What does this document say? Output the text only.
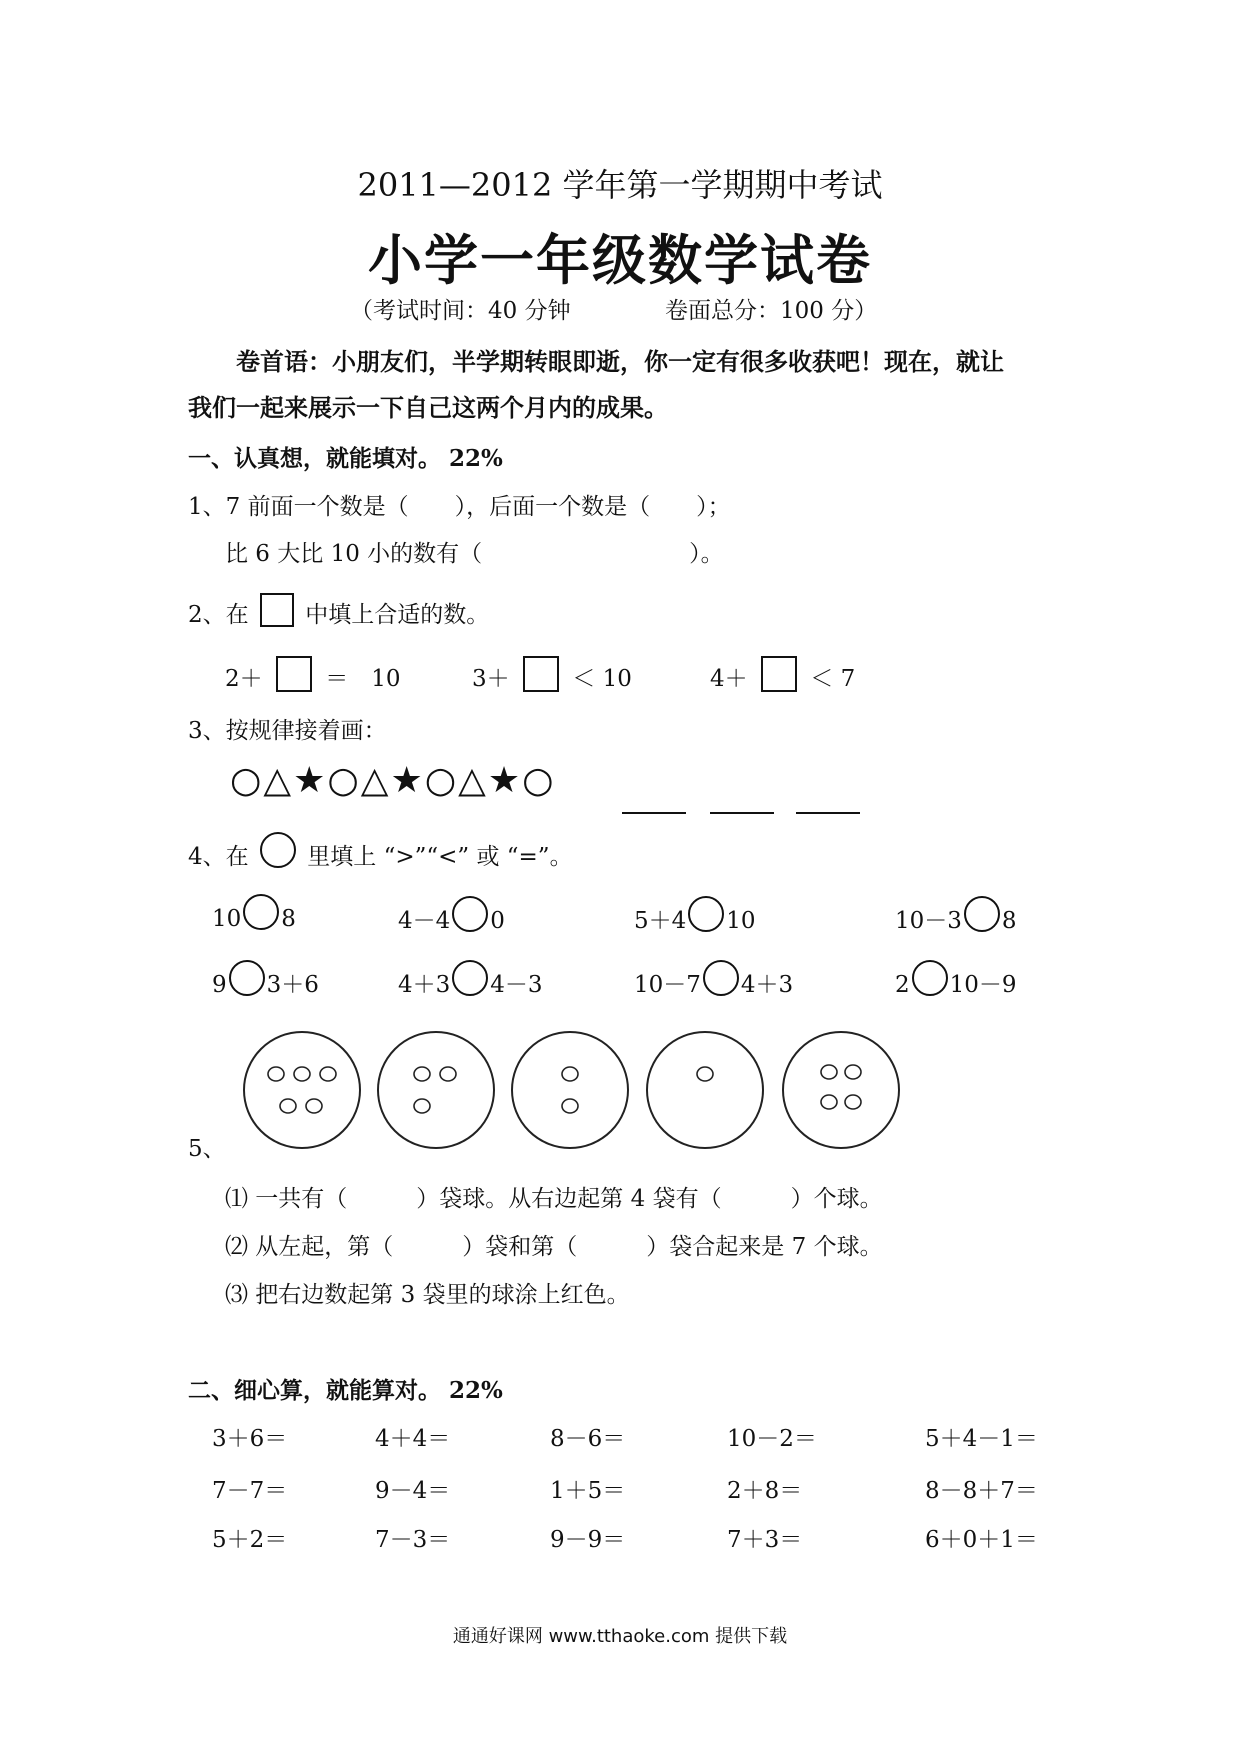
2011—2012 学年第一学期期中考试
小学一年级数学试卷
（考试时间：40 分钟	卷面总分：100 分）
卷首语：小朋友们，半学期转眼即逝，你一定有很多收获吧！现在，就让
我们一起来展示一下自己这两个月内的成果。
一、认真想，就能填对。 22%
1、7 前面一个数是（　　），后面一个数是（　　）；
比 6 大比 10 小的数有（　　　　　　　　　）。
2、在 中填上合适的数。
2＋	＝　10	3＋	＜ 10	4＋	＜ 7
3、按规律接着画：
○△★○△★○△★○
4、在	里填上 “>”“<” 或 “=”。
10 8	4－4 0	5＋4 10	10－3 8
9 3＋6	4＋3 4－3	10－7 4＋3	2 10－9
5、
⑴ 一共有（　　　）袋球。从右边起第 4 袋有（　　　）个球。
⑵ 从左起，第（　　　）袋和第（　　　）袋合起来是 7 个球。
⑶ 把右边数起第 3 袋里的球涂上红色。
二、细心算，就能算对。 22%
3＋6＝	4＋4＝	8－6＝	10－2＝	5＋4－1＝
7－7＝	9－4＝	1＋5＝	2＋8＝	8－8＋7＝
5＋2＝	7－3＝	9－9＝	7＋3＝	6＋0＋1＝
通通好课网 www.tthaoke.com 提供下载
